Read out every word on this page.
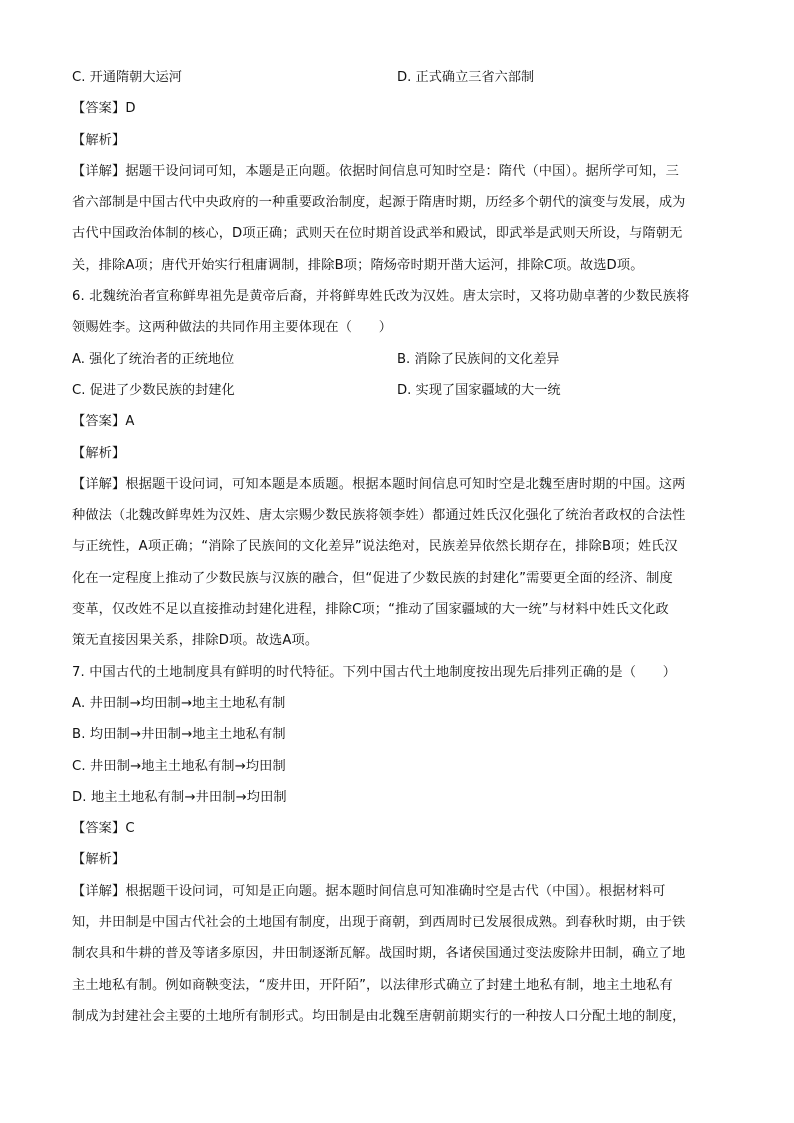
C. 开通隋朝大运河	D. 正式确立三省六部制
【答案】D
【解析】
【详解】据题干设问词可知，本题是正向题。依据时间信息可知时空是：隋代（中国）。据所学可知，三
省六部制是中国古代中央政府的一种重要政治制度，起源于隋唐时期，历经多个朝代的演变与发展，成为
古代中国政治体制的核心，D项正确；武则天在位时期首设武举和殿试，即武举是武则天所设，与隋朝无
关，排除A项；唐代开始实行租庸调制，排除B项；隋炀帝时期开凿大运河，排除C项。故选D项。
6. 北魏统治者宣称鲜卑祖先是黄帝后裔，并将鲜卑姓氏改为汉姓。唐太宗时，又将功勋卓著的少数民族将
领赐姓李。这两种做法的共同作用主要体现在（　　）
A. 强化了统治者的正统地位	B. 消除了民族间的文化差异
C. 促进了少数民族的封建化	D. 实现了国家疆域的大一统
【答案】A
【解析】
【详解】根据题干设问词，可知本题是本质题。根据本题时间信息可知时空是北魏至唐时期的中国。这两
种做法（北魏改鲜卑姓为汉姓、唐太宗赐少数民族将领李姓）都通过姓氏汉化强化了统治者政权的合法性
与正统性，A项正确；“消除了民族间的文化差异”说法绝对，民族差异依然长期存在，排除B项；姓氏汉
化在一定程度上推动了少数民族与汉族的融合，但“促进了少数民族的封建化”需要更全面的经济、制度
变革，仅改姓不足以直接推动封建化进程，排除C项；“推动了国家疆域的大一统”与材料中姓氏文化政
策无直接因果关系，排除D项。故选A项。
7. 中国古代的土地制度具有鲜明的时代特征。下列中国古代土地制度按出现先后排列正确的是（　　）
A. 井田制→均田制→地主土地私有制
B. 均田制→井田制→地主土地私有制
C. 井田制→地主土地私有制→均田制
D. 地主土地私有制→井田制→均田制
【答案】C
【解析】
【详解】根据题干设问词，可知是正向题。据本题时间信息可知准确时空是古代（中国）。根据材料可
知，井田制是中国古代社会的土地国有制度，出现于商朝，到西周时已发展很成熟。到春秋时期，由于铁
制农具和牛耕的普及等诸多原因，井田制逐渐瓦解。战国时期，各诸侯国通过变法废除井田制，确立了地
主土地私有制。例如商鞅变法，“废井田，开阡陌”，以法律形式确立了封建土地私有制，地主土地私有
制成为封建社会主要的土地所有制形式。均田制是由北魏至唐朝前期实行的一种按人口分配土地的制度，
